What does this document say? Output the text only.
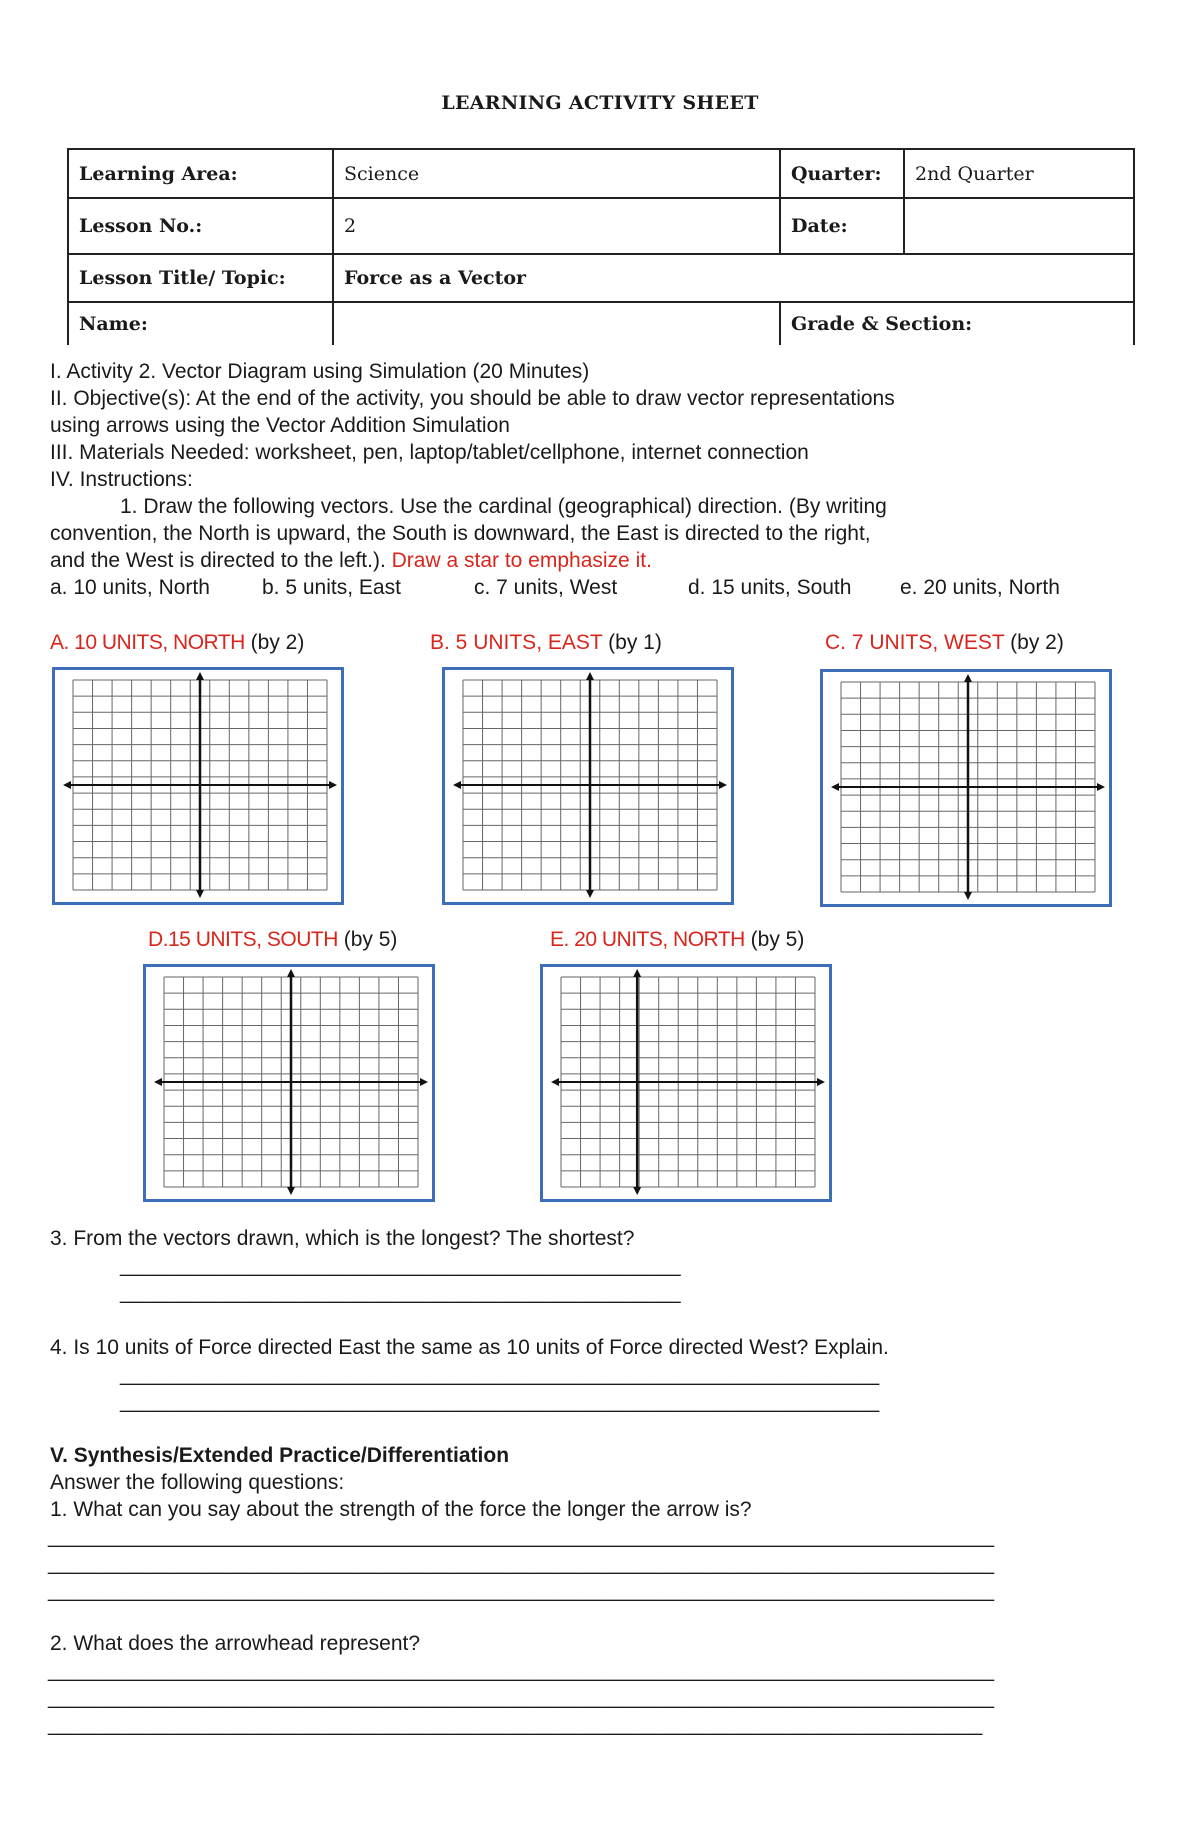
LEARNING ACTIVITY SHEET
Learning Area:	Science	Quarter:	2nd Quarter
Lesson No.:	2	Date:	
Lesson Title/ Topic:	Force as a Vector		
Name:		Grade & Section:	
I. Activity 2. Vector Diagram using Simulation (20 Minutes)
II. Objective(s): At the end of the activity, you should be able to draw vector representations
using arrows using the Vector Addition Simulation
III. Materials Needed: worksheet, pen, laptop/tablet/cellphone, internet connection
IV. Instructions:
1. Draw the following vectors. Use the cardinal (geographical) direction. (By writing
convention, the North is upward, the South is downward, the East is directed to the right,
and the West is directed to the left.). Draw a star to emphasize it.
a. 10 units, North b. 5 units, East	c. 7 units, West	d. 15 units, South e. 20 units, North
A. 10 UNITS, NORTH (by 2)	B. 5 UNITS, EAST (by 1)	C. 7 UNITS, WEST (by 2)
D.15 UNITS, SOUTH (by 5)	E. 20 UNITS, NORTH (by 5)
3. From the vectors drawn, which is the longest? The shortest?
________________________________________________
________________________________________________
4. Is 10 units of Force directed East the same as 10 units of Force directed West? Explain.
_________________________________________________________________
_________________________________________________________________
V. Synthesis/Extended Practice/Differentiation
Answer the following questions:
1. What can you say about the strength of the force the longer the arrow is?
_________________________________________________________________________________
_________________________________________________________________________________
_________________________________________________________________________________
2. What does the arrowhead represent?
_________________________________________________________________________________
_________________________________________________________________________________
________________________________________________________________________________
